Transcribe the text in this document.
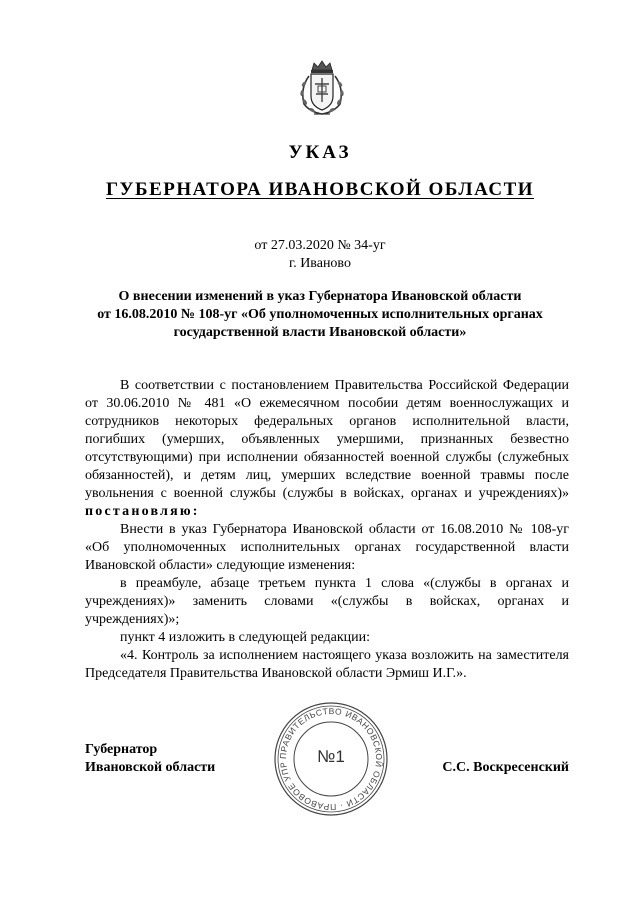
УКАЗ
ГУБЕРНАТОРА ИВАНОВСКОЙ ОБЛАСТИ
от 27.03.2020 № 34-уг
г. Иваново
О внесении изменений в указ Губернатора Ивановской области
от 16.08.2010 № 108-уг «Об уполномоченных исполнительных органах
государственной власти Ивановской области»

В соответствии с постановлением Правительства Российской Федерации от 30.06.2010 № 481 «О ежемесячном пособии детям военнослужащих и сотрудников некоторых федеральных органов исполнительной власти, погибших (умерших, объявленных умершими, признанных безвестно отсутствующими) при исполнении обязанностей военной службы (служебных обязанностей), и детям лиц, умерших вследствие военной травмы после увольнения с военной службы (службы в войсках, органах и учреждениях)» постановляю:

Внести в указ Губернатора Ивановской области от 16.08.2010 № 108-уг «Об уполномоченных исполнительных органах государственной власти Ивановской области» следующие изменения:

в преамбуле, абзаце третьем пункта 1 слова «(службы в органах и учреждениях)» заменить словами «(службы в войсках, органах и учреждениях)»;

пункт 4 изложить в следующей редакции:

«4. Контроль за исполнением настоящего указа возложить на заместителя Председателя Правительства Ивановской области Эрмиш И.Г.».

Губернатор
Ивановской области
ПРАВИТЕЛЬСТВО ИВАНОВСКОЙ ОБЛАСТИ · ПРАВОВОЕ УПР	№1
С.С. Воскресенский
